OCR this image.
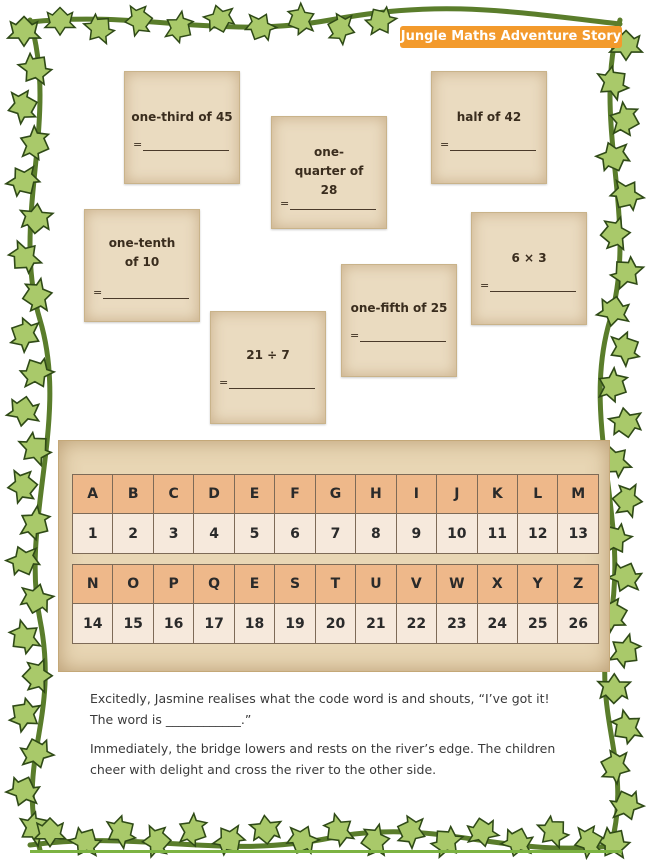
Jungle Maths Adventure Story
one-third of 45
=
half of 42
=
one-quarter of 28
=
one-tenth of 10
=
6 × 3
=
one-fifth of 25
=
21 ÷ 7
=
A	B	C	D	E	F	G	H	I	J	K	L	M
1	2	3	4	5	6	7	8	9	10	11	12	13
N	O	P	Q	E	S	T	U	V	W	X	Y	Z
14	15	16	17	18	19	20	21	22	23	24	25	26

Excitedly, Jasmine realises what the code word is and shouts, “I’ve got it! The word is ____________.”

Immediately, the bridge lowers and rests on the river’s edge. The children cheer with delight and cross the river to the other side.
